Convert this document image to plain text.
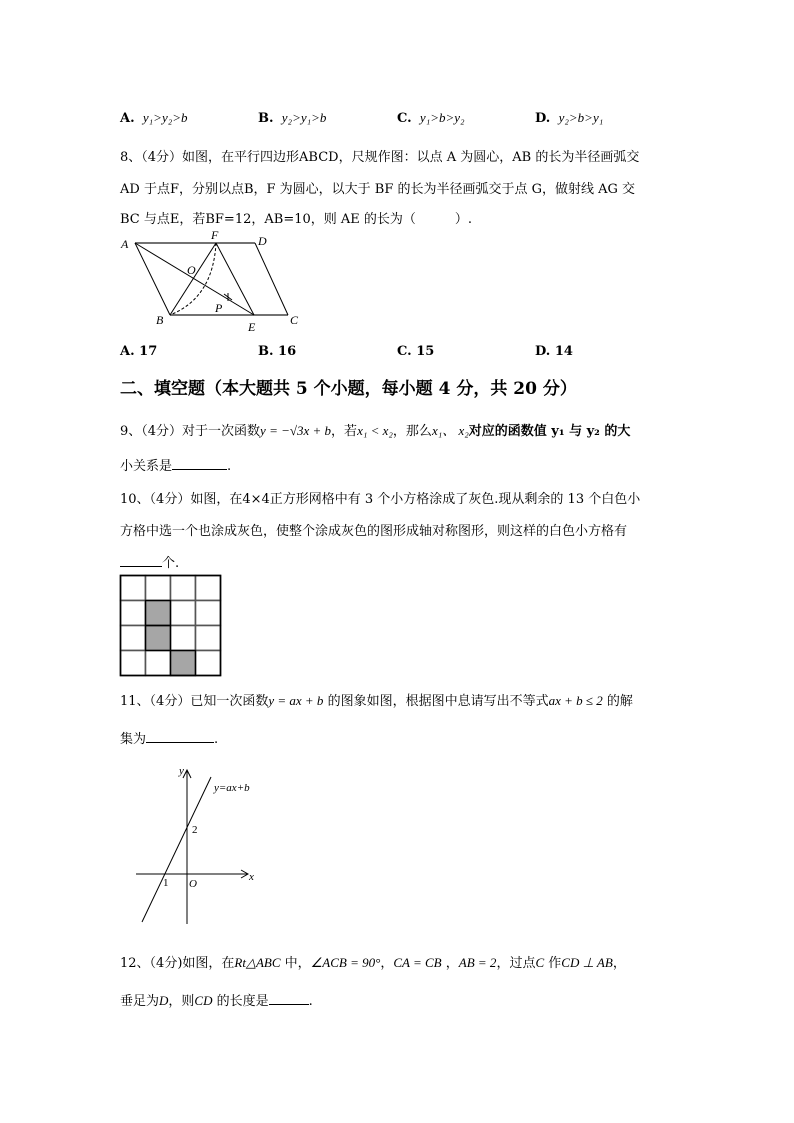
A. y₁>y₂>b	B. y₂>y₁>b	C. y₁>b>y₂	D. y₂>b>y₁
8、（4分）如图，在平行四边形ABCD，尺规作图：以点 A 为圆心，AB 的长为半径画弧交
AD 于点F，分别以点B，F 为圆心，以大于 BF 的长为半径画弧交于点 G，做射线 AG 交
BC 与点E，若BF=12，AB=10，则 AE 的长为（　　　）.
A
F	D
O
P
B	E	C
A. 17	B. 16	C. 15	D. 14
二、填空题（本大题共 5 个小题，每小题 4 分，共 20 分）
9、（4分）对于一次函数y = −√3x + b，若x₁ < x₂，那么x₁、 x₂对应的函数值 y₁ 与 y₂ 的大
小关系是	.
10、（4分）如图，在4×4正方形网格中有 3 个小方格涂成了灰色.现从剩余的 13 个白色小
方格中选一个也涂成灰色，使整个涂成灰色的图形成轴对称图形，则这样的白色小方格有
个.
11、（4分）已知一次函数y = ax + b 的图象如图，根据图中息请写出不等式ax + b ≤ 2 的解
集为	.
y
y=ax+b
2
1 O
x
12、（4分)如图，在Rt△ABC 中，∠ACB = 90°，CA = CB ，AB = 2，过点C 作CD ⊥ AB，
垂足为D，则CD 的长度是	.
